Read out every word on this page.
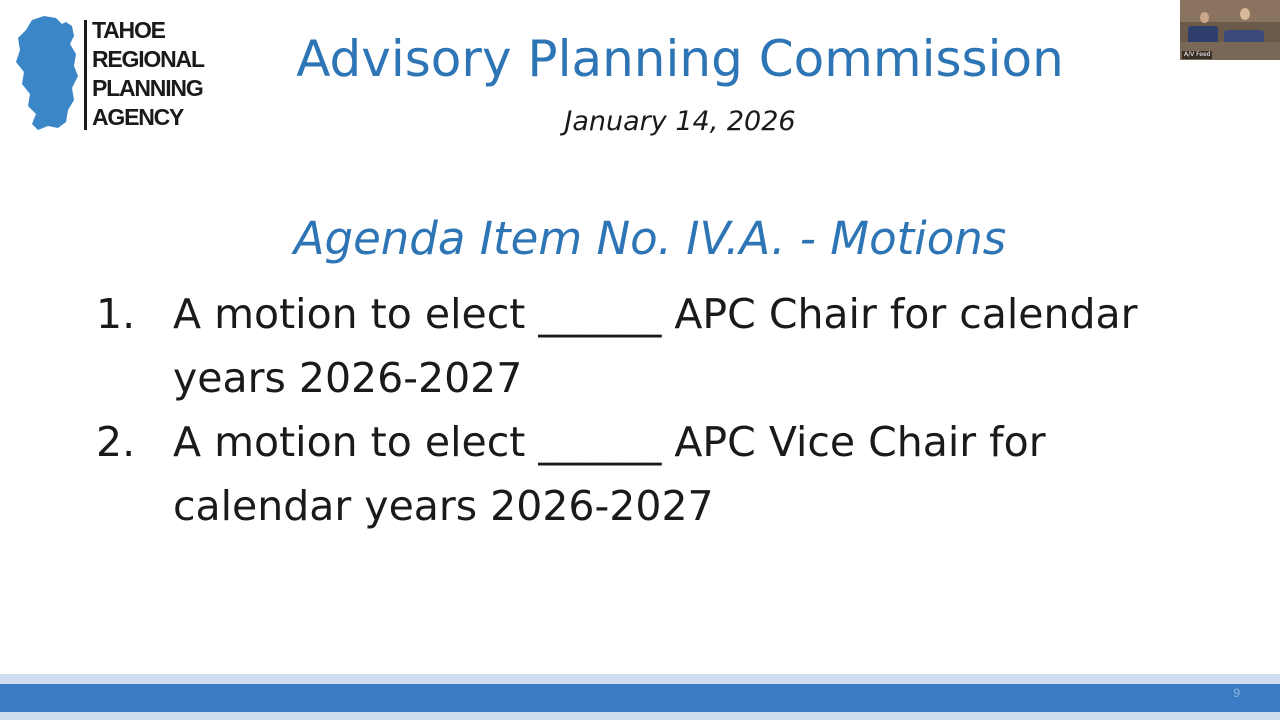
TAHOE
REGIONAL
PLANNING
AGENCY
Advisory Planning Commission
January 14, 2026
Agenda Item No. IV.A. - Motions
1. A motion to elect ______ APC Chair for calendar years 2026-2027
2. A motion to elect ______ APC Vice Chair for calendar years 2026-2027
A/V Feed
9
